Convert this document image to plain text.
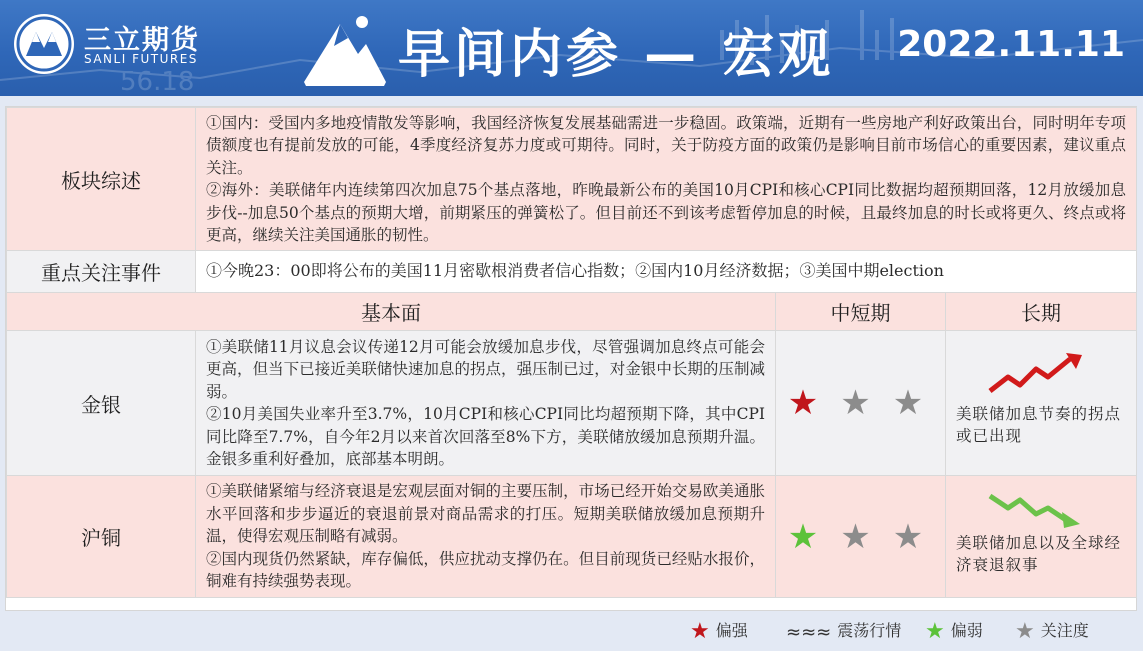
56.18
三立期货
SANLI FUTURES	早间内参 — 宏观 2022.11.11
板块综述	①国内：受国内多地疫情散发等影响，我国经济恢复发展基础需进一步稳固。政策端，近期有一些房地产利好政策出台，同时明年专项债额度也有提前发放的可能，4季度经济复苏力度或可期待。同时，关于防疫方面的政策仍是影响目前市场信心的重要因素，建议重点关注。
②海外：美联储年内连续第四次加息75个基点落地，昨晚最新公布的美国10月CPI和核心CPI同比数据均超预期回落，12月放缓加息步伐--加息50个基点的预期大增，前期紧压的弹簧松了。但目前还不到该考虑暂停加息的时候，且最终加息的时长或将更久、终点或将更高，继续关注美国通胀的韧性。		

重点关注事件	①今晚23：00即将公布的美国11月密歇根消费者信心指数；②国内10月经济数据；③美国中期election		
基本面		中短期	长期
金银	①美联储11月议息会议传递12月可能会放缓加息步伐，尽管强调加息终点可能会更高，但当下已接近美联储快速加息的拐点，强压制已过，对金银中长期的压制减弱。
②10月美国失业率升至3.7%，10月CPI和核心CPI同比均超预期下降，其中CPI同比降至7.7%，自今年2月以来首次回落至8%下方，美联储放缓加息预期升温。金银多重利好叠加，底部基本明朗。	★ ★ ★	美联储加息节奏的拐点或已出现

沪铜	①美联储紧缩与经济衰退是宏观层面对铜的主要压制，市场已经开始交易欧美通胀水平回落和步步逼近的衰退前景对商品需求的打压。短期美联储放缓加息预期升温，使得宏观压制略有减弱。
②国内现货仍然紧缺，库存偏低，供应扰动支撑仍在。但目前现货已经贴水报价，铜难有持续强势表现。	★ ★ ★	美联储加息以及全球经济衰退叙事
★ 偏强 ≈≈≈ 震荡行情 ★ 偏弱 ★ 关注度
